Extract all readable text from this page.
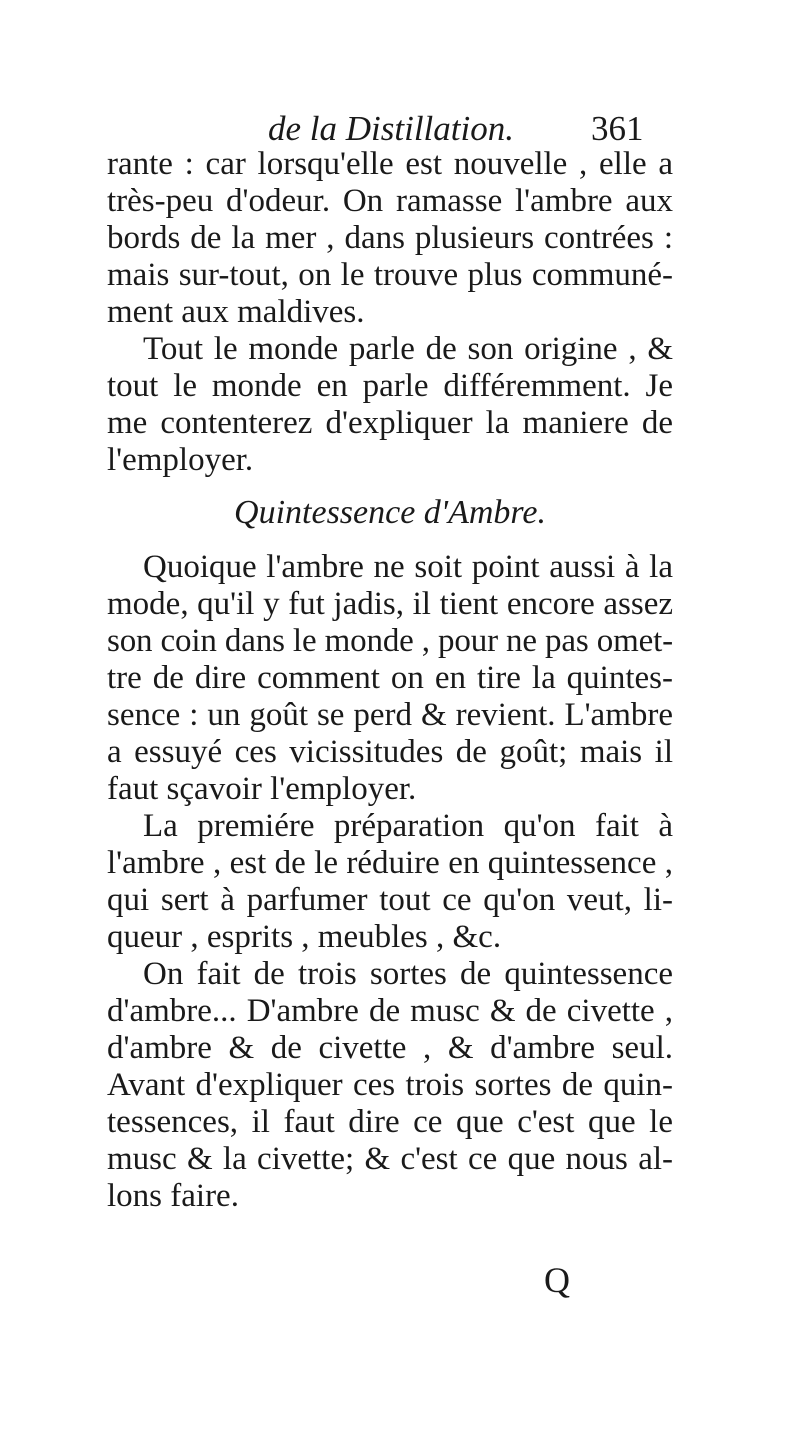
de la Distillation. 361
rante : car lorsqu'elle est nouvelle , elle a
très-peu d'odeur. On ramasse l'ambre aux
bords de la mer , dans plusieurs contrées :
mais sur-tout, on le trouve plus communé-
ment aux maldives.
Tout le monde parle de son origine , &
tout le monde en parle différemment. Je
me contenterez d'expliquer la maniere de
l'employer.
Quintessence d'Ambre.
Quoique l'ambre ne soit point aussi à la
mode, qu'il y fut jadis, il tient encore assez
son coin dans le monde , pour ne pas omet-
tre de dire comment on en tire la quintes-
sence : un goût se perd & revient. L'ambre
a essuyé ces vicissitudes de goût; mais il
faut sçavoir l'employer.
La premiére préparation qu'on fait à
l'ambre , est de le réduire en quintessence ,
qui sert à parfumer tout ce qu'on veut, li-
queur , esprits , meubles , &c.
On fait de trois sortes de quintessence
d'ambre... D'ambre de musc & de civette ,
d'ambre & de civette , & d'ambre seul.
Avant d'expliquer ces trois sortes de quin-
tessences, il faut dire ce que c'est que le
musc & la civette; & c'est ce que nous al-
lons faire.
Q
